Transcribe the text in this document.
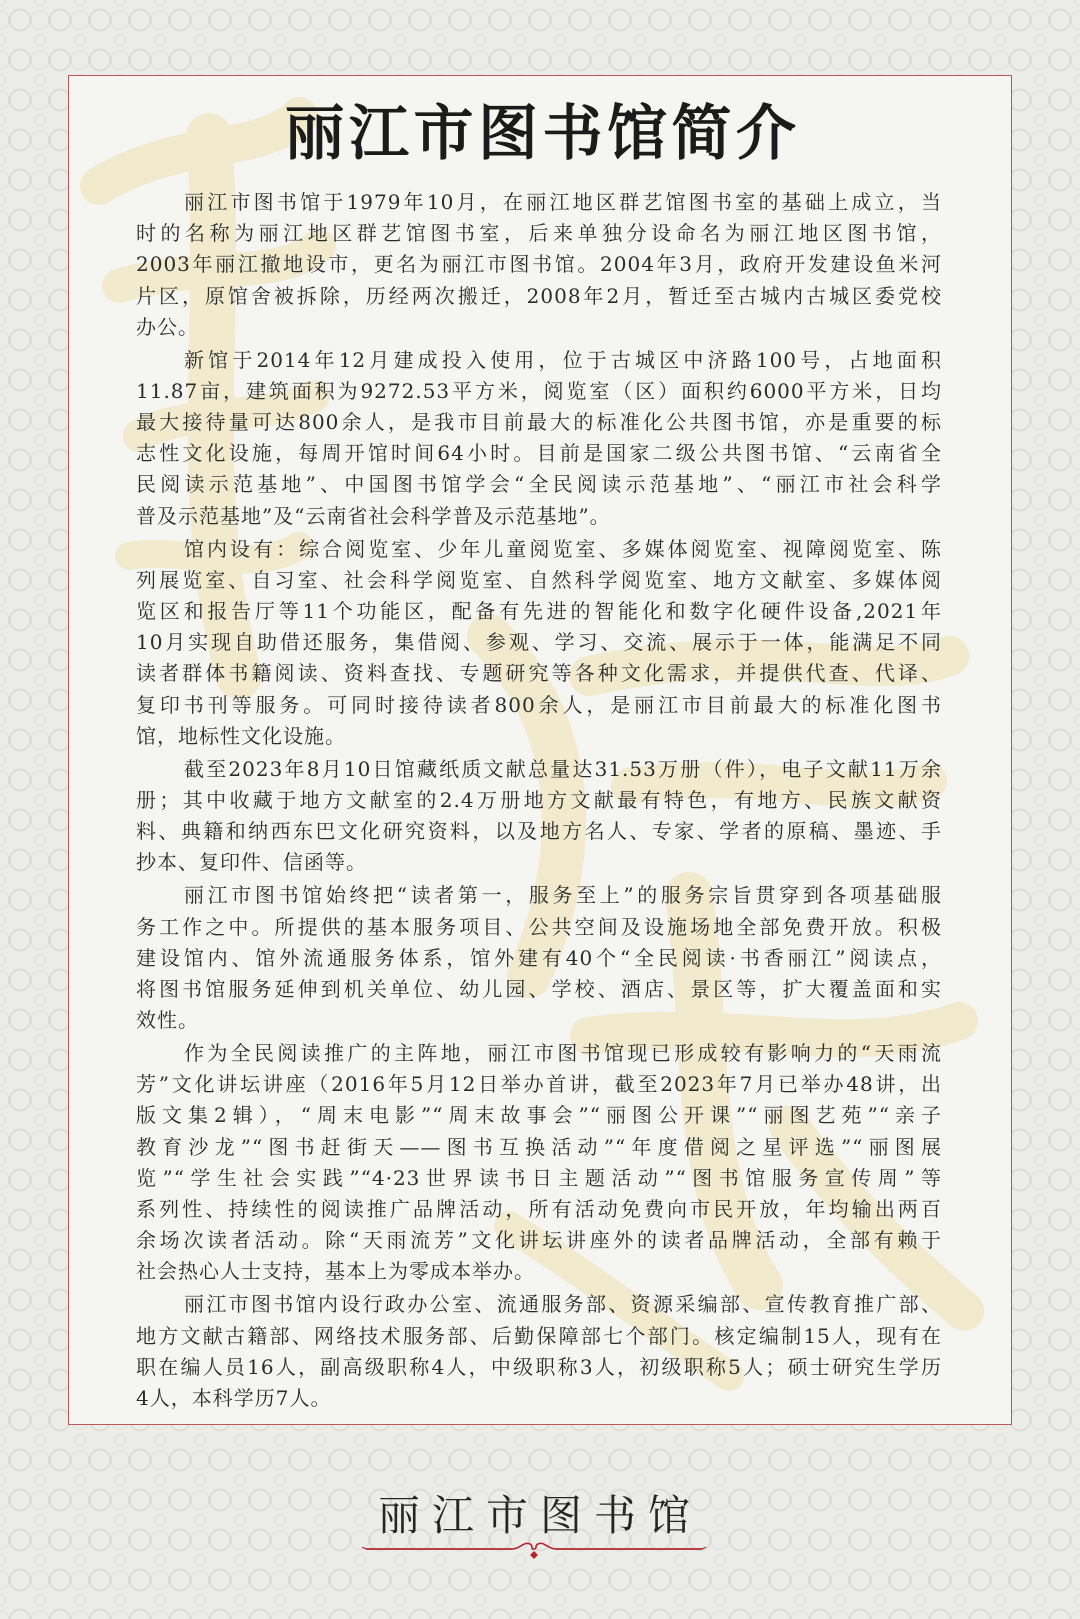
丽江市图书馆简介
丽江市图书馆于1979年10月，在丽江地区群艺馆图书室的基础上成立，当
时的名称为丽江地区群艺馆图书室，后来单独分设命名为丽江地区图书馆，
2003年丽江撤地设市，更名为丽江市图书馆。2004年3月，政府开发建设鱼米河
片区，原馆舍被拆除，历经两次搬迁，2008年2月，暂迁至古城内古城区委党校
办公。
新馆于2014年12月建成投入使用，位于古城区中济路100号，占地面积
11.87亩，建筑面积为9272.53平方米，阅览室（区）面积约6000平方米，日均
最大接待量可达800余人，是我市目前最大的标准化公共图书馆，亦是重要的标
志性文化设施，每周开馆时间64小时。目前是国家二级公共图书馆、“云南省全
民阅读示范基地”、中国图书馆学会“全民阅读示范基地”、“丽江市社会科学
普及示范基地”及“云南省社会科学普及示范基地”。
馆内设有：综合阅览室、少年儿童阅览室、多媒体阅览室、视障阅览室、陈
列展览室、自习室、社会科学阅览室、自然科学阅览室、地方文献室、多媒体阅
览区和报告厅等11个功能区，配备有先进的智能化和数字化硬件设备,2021年
10月实现自助借还服务，集借阅、参观、学习、交流、展示于一体，能满足不同
读者群体书籍阅读、资料查找、专题研究等各种文化需求，并提供代查、代译、
复印书刊等服务。可同时接待读者800余人，是丽江市目前最大的标准化图书
馆，地标性文化设施。
截至2023年8月10日馆藏纸质文献总量达31.53万册（件），电子文献11万余
册；其中收藏于地方文献室的2.4万册地方文献最有特色，有地方、民族文献资
料、典籍和纳西东巴文化研究资料，以及地方名人、专家、学者的原稿、墨迹、手
抄本、复印件、信函等。
丽江市图书馆始终把“读者第一，服务至上”的服务宗旨贯穿到各项基础服
务工作之中。所提供的基本服务项目、公共空间及设施场地全部免费开放。积极
建设馆内、馆外流通服务体系，馆外建有40个“全民阅读·书香丽江”阅读点，
将图书馆服务延伸到机关单位、幼儿园、学校、酒店、景区等，扩大覆盖面和实
效性。
作为全民阅读推广的主阵地，丽江市图书馆现已形成较有影响力的“天雨流
芳”文化讲坛讲座（2016年5月12日举办首讲，截至2023年7月已举办48讲，出
版文集2辑），“周末电影”“周末故事会”“丽图公开课”“丽图艺苑”“亲子
教育沙龙”“图书赶街天——图书互换活动”“年度借阅之星评选”“丽图展
览”“学生社会实践”“4·23世界读书日主题活动”“图书馆服务宣传周”等
系列性、持续性的阅读推广品牌活动，所有活动免费向市民开放，年均输出两百
余场次读者活动。除“天雨流芳”文化讲坛讲座外的读者品牌活动，全部有赖于
社会热心人士支持，基本上为零成本举办。
丽江市图书馆内设行政办公室、流通服务部、资源采编部、宣传教育推广部、
地方文献古籍部、网络技术服务部、后勤保障部七个部门。核定编制15人，现有在
职在编人员16人，副高级职称4人，中级职称3人，初级职称5人；硕士研究生学历
4人，本科学历7人。
丽江市图书馆
